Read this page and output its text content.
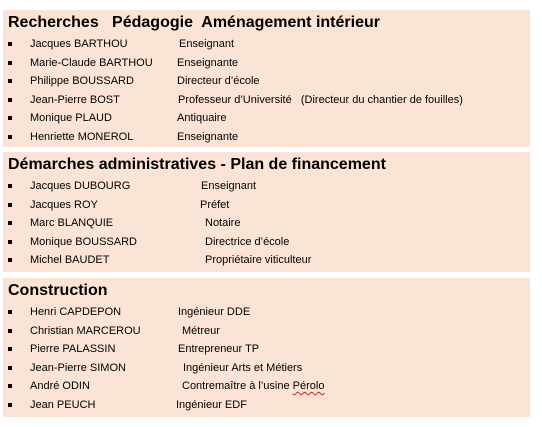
Recherches   Pédagogie  Aménagement intérieur
Jacques BARTHOU	Enseignant
Marie-Claude BARTHOU Enseignante
Philippe BOUSSARD	Directeur d’école
Jean-Pierre BOST	Professeur d’Université   (Directeur du chantier de fouilles)
Monique PLAUD	Antiquaire
Henriette MONEROL	Enseignante
Démarches administratives - Plan de financement
Jacques DUBOURG	Enseignant
Jacques ROY	Préfet
Marc BLANQUIE	Notaire
Monique BOUSSARD	Directrice d’école
Michel BAUDET	Propriétaire viticulteur
Construction
Henri CAPDEPON	Ingénieur DDE
Christian MARCEROU	Métreur
Pierre PALASSIN	Entrepreneur TP
Jean-Pierre SIMON	Ingénieur Arts et Métiers
André ODIN	Contremaître à l’usine Pérolo
Jean PEUCH	Ingénieur EDF
